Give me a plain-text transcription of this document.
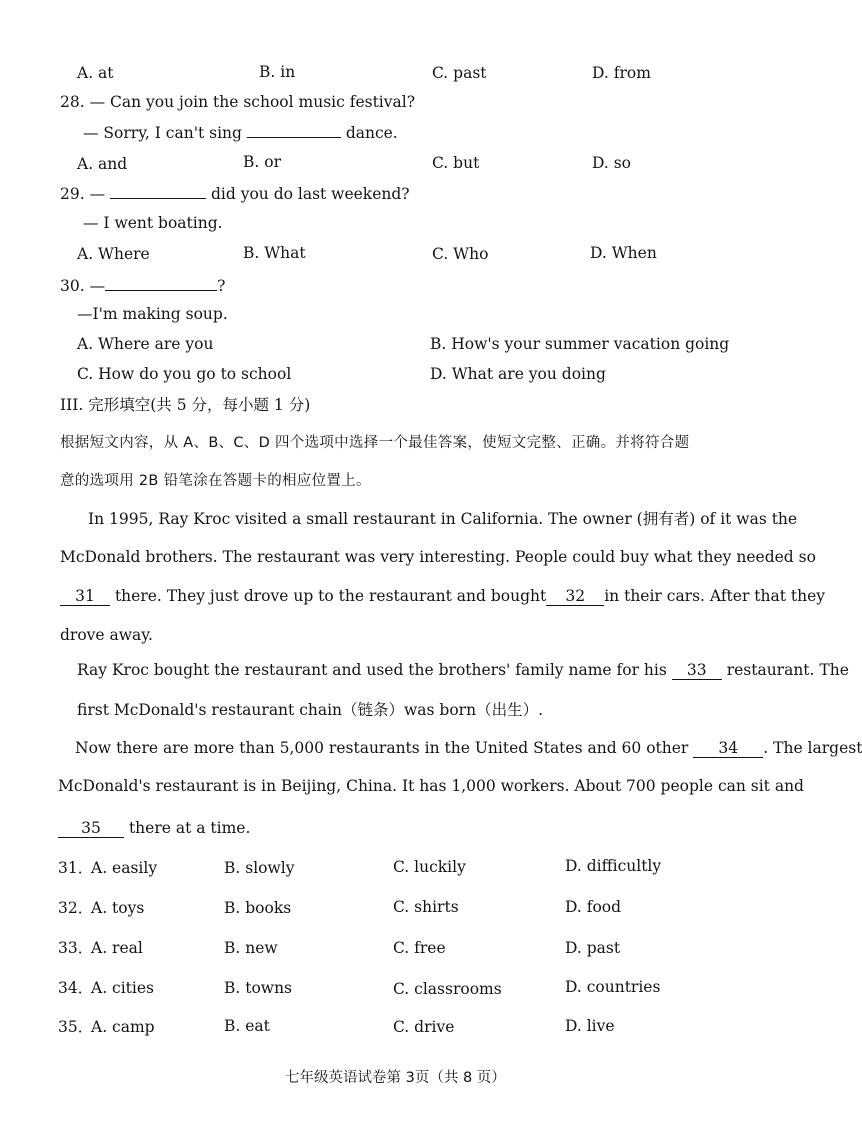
A. at	B. in	C. past	D. from
28. — Can you join the school music festival?
— Sorry, I can't sing	dance.
A. and	B. or	C. but	D. so
29. —	did you do last weekend?
— I went boating.
A. Where	B. What	C. Who	D. When
30. —	?
—I'm making soup.
A. Where are you	B. How's your summer vacation going
C. How do you go to school	D. What are you doing
III. 完形填空(共 5 分，每小题 1 分)
根据短文内容，从 A、B、C、D 四个选项中选择一个最佳答案，使短文完整、正确。并将符合题
意的选项用 2B 铅笔涂在答题卡的相应位置上。
In 1995, Ray Kroc visited a small restaurant in California. The owner (拥有者) of it was the
McDonald brothers. The restaurant was very interesting. People could buy what they needed so
31 there. They just drove up to the restaurant and bought 32 in their cars. After that they
drove away.
Ray Kroc bought the restaurant and used the brothers' family name for his 33 restaurant. The
first McDonald's restaurant chain（链条）was born（出生）.
Now there are more than 5,000 restaurants in the United States and 60 other 34 . The largest
McDonald's restaurant is in Beijing, China. It has 1,000 workers. About 700 people can sit and
35 there at a time.
31．
A. easily	B. slowly	C. luckily	D. difficultly
32．
A. toys	B. books	C. shirts	D. food
33．
A. real	B. new	C. free	D. past
34．
A. cities	B. towns	C. classrooms	D. countries
35．
A. camp	B. eat	C. drive	D. live
七年级英语试卷第 3页（共 8 页）
